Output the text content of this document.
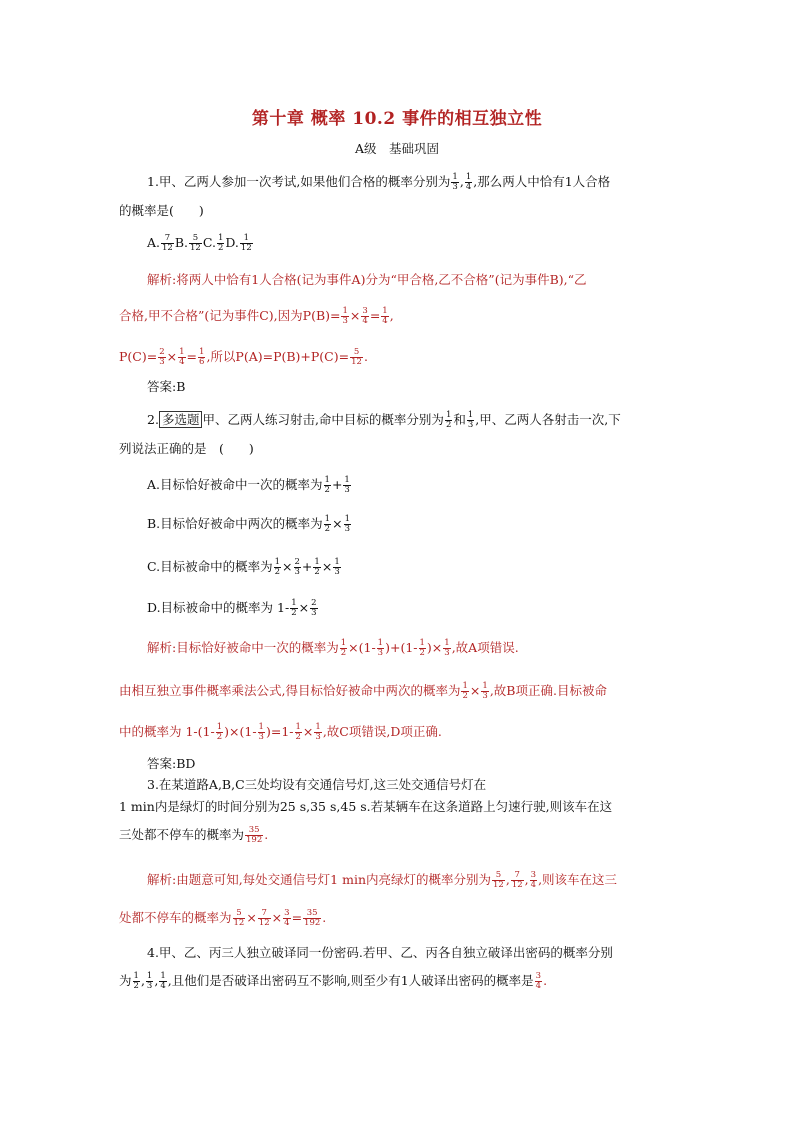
第十章 概率 10.2 事件的相互独立性
A级　基础巩固
1.甲、乙两人参加一次考试,如果他们合格的概率分别为 $\frac{1}{3}$ , $\frac{1}{4}$ ,那么两人中恰有1人合格
的概率是(　　)
A. $\frac{7}{12} B$. $\frac{5}{12} C$. $\frac{1}{2} D$. $\frac{1}{12}$
解析:将两人中恰有1人合格(记为事件A)分为“甲合格,乙不合格”(记为事件B),“乙
合格,甲不合格”(记为事件C),因为$P(B)= \frac{1}{3} \times \frac{3}{4} = \frac{1}{4}$ ,
$P(C)= \frac{2}{3} \times \frac{1}{4} = \frac{1}{6}$ ,所以$P(A)=P(B)+P(C)= \frac{5}{12}$ .
答案:B
2. 多选题 甲、乙两人练习射击,命中目标的概率分别为 $\frac{1}{2}$ 和 $\frac{1}{3}$ ,甲、乙两人各射击一次,下
列说法正确的是　(　　)
A.目标恰好被命中一次的概率为 $\frac{1}{2} + \frac{1}{3}$
B.目标恰好被命中两次的概率为 $\frac{1}{2} \times \frac{1}{3}$
C.目标被命中的概率为 $\frac{1}{2} \times \frac{2}{3} + \frac{1}{2} \times \frac{1}{3}$
D.目标被命中的概率为 $1- \frac{1}{2} \times \frac{2}{3}$
解析:目标恰好被命中一次的概率为 $\frac{1}{2} \times(1- \frac{1}{3} )+(1- \frac{1}{2}$ )× $\frac{1}{3}$ ,故A项错误.
由相互独立事件概率乘法公式,得目标恰好被命中两次的概率为 $\frac{1}{2} \times \frac{1}{3}$ ,故B项正确.目标被命
中的概率为 $1-(1- \frac{1}{2} )\times(1- \frac{1}{3} )=1- \frac{1}{2} \times \frac{1}{3}$ ,故C项错误,D项正确.
答案:BD
3.在某道路A,B,C三处均设有交通信号灯,这三处交通信号灯在
1 min内是绿灯的时间分别为25 s,35 s,45 s.若某辆车在这条道路上匀速行驶,则该车在这
三处都不停车的概率为 $\frac{35}{192}$ .
解析:由题意可知,每处交通信号灯1 min内亮绿灯的概率分别为 $\frac{5}{12}$ , $\frac{7}{12}$ , $\frac{3}{4}$ ,则该车在这三
处都不停车的概率为 $\frac{5}{12} \times \frac{7}{12} \times \frac{3}{4} = \frac{35}{192}$ .
4.甲、乙、丙三人独立破译同一份密码.若甲、乙、丙各自独立破译出密码的概率分别
为 $\frac{1}{2}$ , $\frac{1}{3}$ , $\frac{1}{4}$ ,且他们是否破译出密码互不影响,则至少有1人破译出密码的概率是 $\frac{3}{4}$ .
